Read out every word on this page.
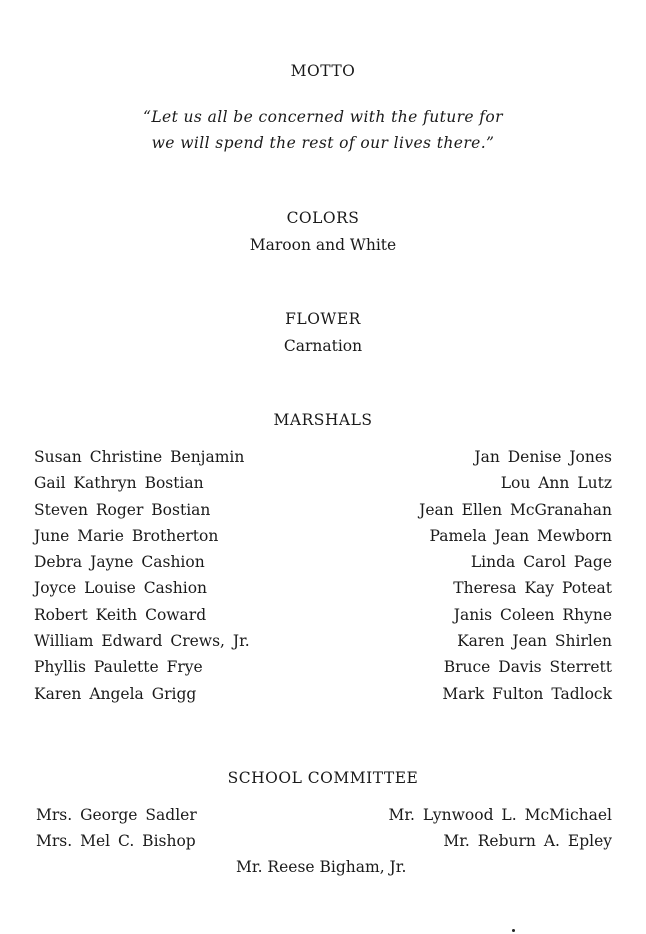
MOTTO
“Let us all be concerned with the future for
we will spend the rest of our lives there.”
COLORS
Maroon and White
FLOWER
Carnation
MARSHALS
Susan Christine Benjamin
Gail Kathryn Bostian
Steven Roger Bostian
June Marie Brotherton
Debra Jayne Cashion
Joyce Louise Cashion
Robert Keith Coward
William Edward Crews, Jr.
Phyllis Paulette Frye
Karen Angela Grigg
Jan Denise Jones
Lou Ann Lutz
Jean Ellen McGranahan
Pamela Jean Mewborn
Linda Carol Page
Theresa Kay Poteat
Janis Coleen Rhyne
Karen Jean Shirlen
Bruce Davis Sterrett
Mark Fulton Tadlock
SCHOOL COMMITTEE
Mrs. George Sadler
Mrs. Mel C. Bishop
Mr. Lynwood L. McMichael
Mr. Reburn A. Epley
Mr. Reese Bigham, Jr.
